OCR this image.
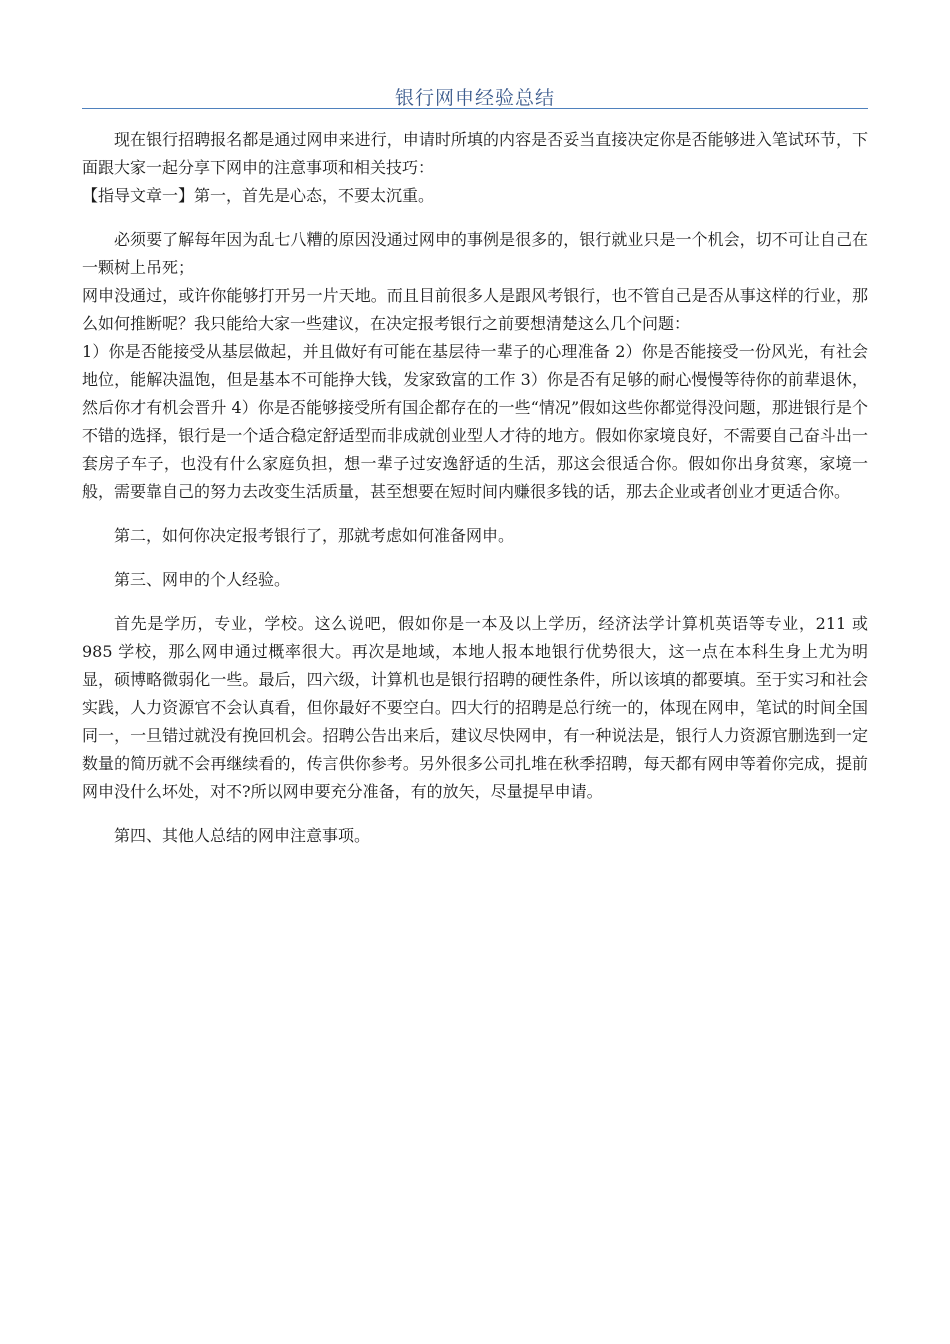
银行网申经验总结

现在银行招聘报名都是通过网申来进行，申请时所填的内容是否妥当直接决定你是否能够进入笔试环节，下面跟大家一起分享下网申的注意事项和相关技巧：

【指导文章一】第一，首先是心态，不要太沉重。

必须要了解每年因为乱七八糟的原因没通过网申的事例是很多的，银行就业只是一个机会，切不可让自己在一颗树上吊死；

网申没通过，或许你能够打开另一片天地。而且目前很多人是跟风考银行，也不管自己是否从事这样的行业，那么如何推断呢？我只能给大家一些建议，在决定报考银行之前要想清楚这么几个问题：

1）你是否能接受从基层做起，并且做好有可能在基层待一辈子的心理准备 2）你是否能接受一份风光，有社会地位，能解决温饱，但是基本不可能挣大钱，发家致富的工作 3）你是否有足够的耐心慢慢等待你的前辈退休，然后你才有机会晋升 4）你是否能够接受所有国企都存在的一些“情况”假如这些你都觉得没问题，那进银行是个不错的选择，银行是一个适合稳定舒适型而非成就创业型人才待的地方。假如你家境良好，不需要自己奋斗出一套房子车子，也没有什么家庭负担，想一辈子过安逸舒适的生活，那这会很适合你。假如你出身贫寒，家境一般，需要靠自己的努力去改变生活质量，甚至想要在短时间内赚很多钱的话，那去企业或者创业才更适合你。

第二，如何你决定报考银行了，那就考虑如何准备网申。

第三、网申的个人经验。

首先是学历，专业，学校。这么说吧，假如你是一本及以上学历，经济法学计算机英语等专业，211 或 985 学校，那么网申通过概率很大。再次是地域，本地人报本地银行优势很大，这一点在本科生身上尤为明显，硕博略微弱化一些。最后，四六级，计算机也是银行招聘的硬性条件，所以该填的都要填。至于实习和社会实践，人力资源官不会认真看，但你最好不要空白。四大行的招聘是总行统一的，体现在网申，笔试的时间全国同一，一旦错过就没有挽回机会。招聘公告出来后，建议尽快网申，有一种说法是，银行人力资源官删选到一定数量的简历就不会再继续看的，传言供你参考。另外很多公司扎堆在秋季招聘，每天都有网申等着你完成，提前网申没什么坏处，对不?所以网申要充分准备，有的放矢，尽量提早申请。

第四、其他人总结的网申注意事项。
